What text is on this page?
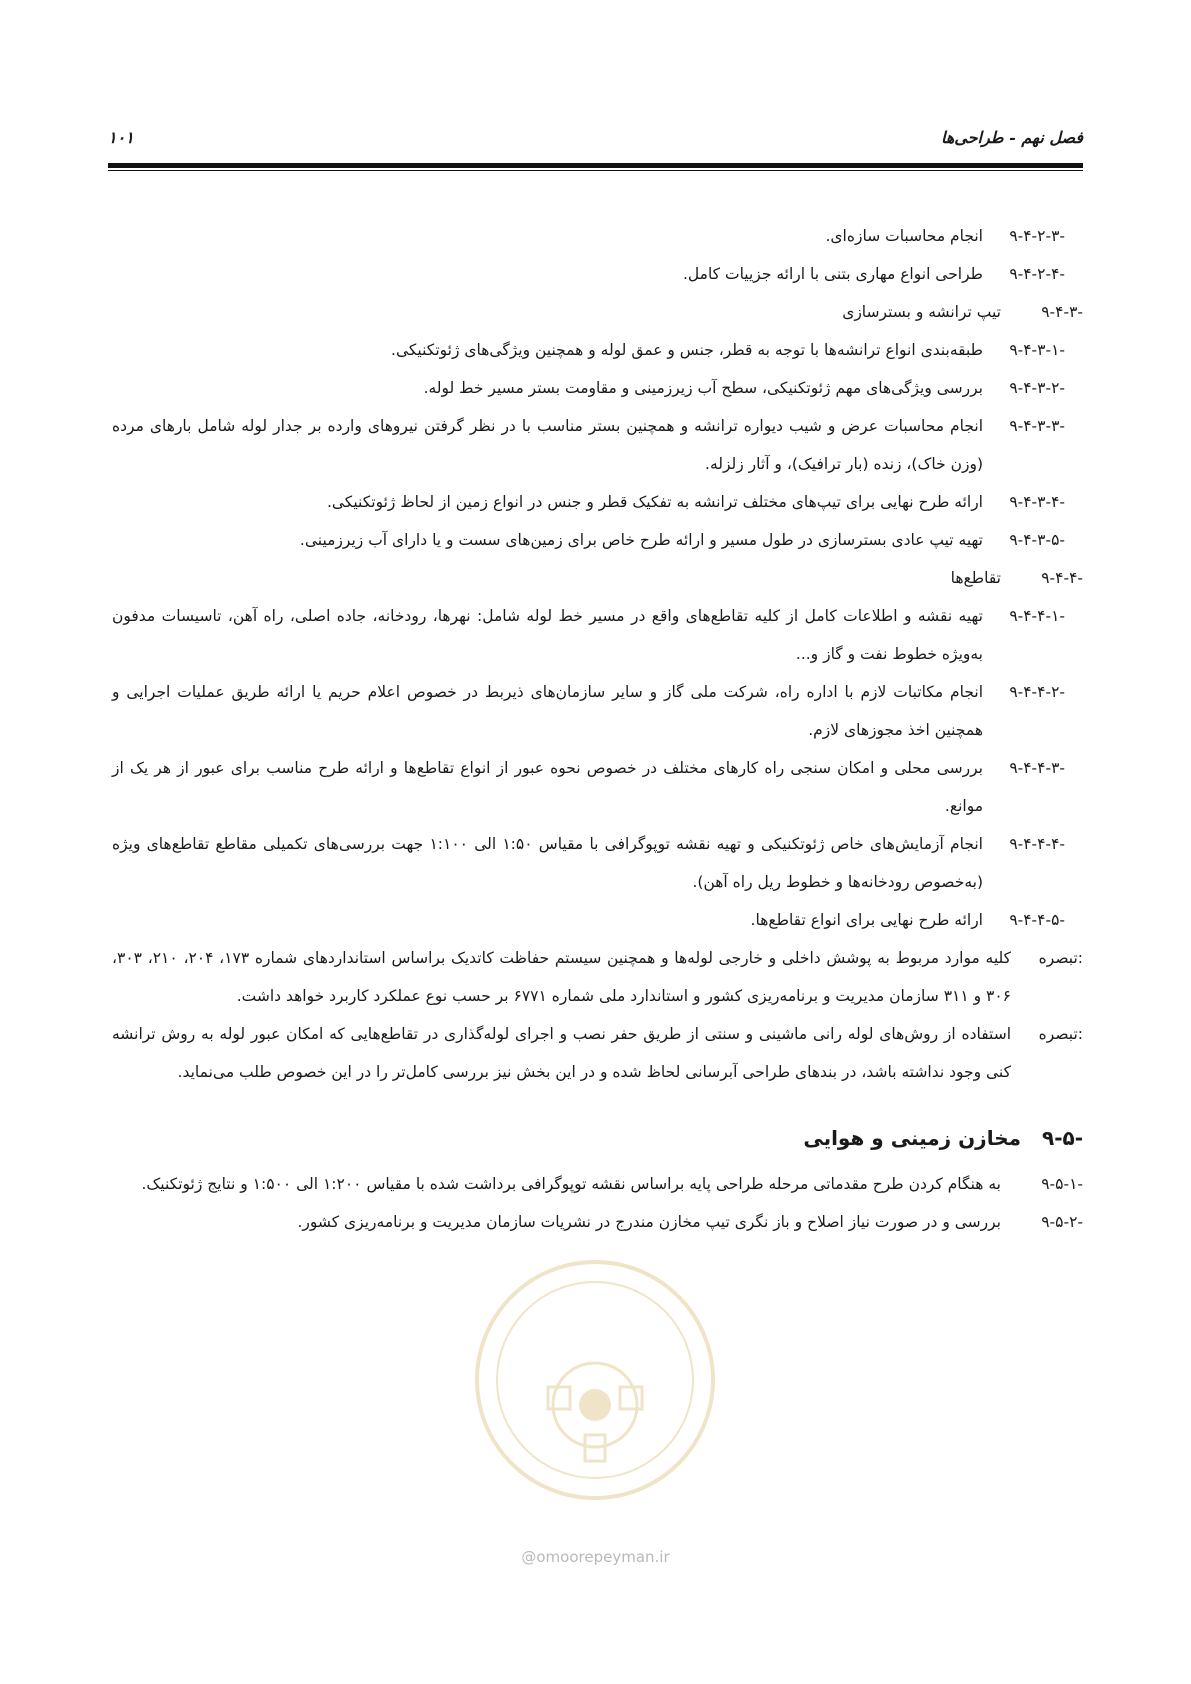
فصل نهم - طراحی‌ها
۱۰۱
۹-۴-۲-۳-
انجام محاسبات سازه‌ای.
۹-۴-۲-۴-
طراحی انواع مهاری بتنی با ارائه جزییات کامل.
۹-۴-۳-
تیپ ترانشه و بسترسازی
۹-۴-۳-۱-
طبقه‌بندی انواع ترانشه‌ها با توجه به قطر، جنس و عمق لوله و همچنین ویژگی‌های ژئوتکنیکی.
۹-۴-۳-۲-
بررسی ویژگی‌های مهم ژئوتکنیکی، سطح آب زیرزمینی و مقاومت بستر مسیر خط لوله.
۹-۴-۳-۳-
انجام محاسبات عرض و شیب دیواره ترانشه و همچنین بستر مناسب با در نظر گرفتن نیروهای وارده بر جدار لوله شامل بارهای مرده (وزن خاک)، زنده (بار ترافیک)، و آثار زلزله.
۹-۴-۳-۴-
ارائه طرح نهایی برای تیپ‌های مختلف ترانشه به تفکیک قطر و جنس در انواع زمین از لحاظ ژئوتکنیکی.
۹-۴-۳-۵-
تهیه تیپ عادی بسترسازی در طول مسیر و ارائه طرح خاص برای زمین‌های سست و یا دارای آب زیرزمینی.
۹-۴-۴-
تقاطع‌ها
۹-۴-۴-۱-
تهیه نقشه و اطلاعات کامل از کلیه تقاطع‌های واقع در مسیر خط لوله شامل: نهرها، رودخانه، جاده اصلی، راه آهن، تاسیسات مدفون به‌ویژه خطوط نفت و گاز و...
۹-۴-۴-۲-
انجام مکاتبات لازم با اداره راه، شرکت ملی گاز و سایر سازمان‌های ذیربط در خصوص اعلام حریم یا ارائه طریق عملیات اجرایی و همچنین اخذ مجوزهای لازم.
۹-۴-۴-۳-
بررسی محلی و امکان سنجی راه کارهای مختلف در خصوص نحوه عبور از انواع تقاطع‌ها و ارائه طرح مناسب برای عبور از هر یک از موانع.
۹-۴-۴-۴-
انجام آزمایش‌های خاص ژئوتکنیکی و تهیه نقشه توپوگرافی با مقیاس ۱:۵۰ الی ۱:۱۰۰ جهت بررسی‌های تکمیلی مقاطع تقاطع‌های ویژه (به‌خصوص رودخانه‌ها و خطوط ریل راه آهن).
۹-۴-۴-۵-
ارائه طرح نهایی برای انواع تقاطع‌ها.
تبصره:
کلیه موارد مربوط به پوشش داخلی و خارجی لوله‌ها و همچنین سیستم حفاظت کاتدیک براساس استانداردهای شماره ۱۷۳، ۲۰۴، ۲۱۰، ۳۰۳، ۳۰۶ و ۳۱۱ سازمان مدیریت و برنامه‌ریزی کشور و استاندارد ملی شماره ۶۷۷۱ بر حسب نوع عملکرد کاربرد خواهد داشت.
تبصره:
استفاده از روش‌های لوله رانی ماشینی و سنتی از طریق حفر نصب و اجرای لوله‌گذاری در تقاطع‌هایی که امکان عبور لوله به روش ترانشه کنی وجود نداشته باشد، در بندهای طراحی آبرسانی لحاظ شده و در این بخش نیز بررسی کامل‌تر را در این خصوص طلب می‌نماید.
۹-۵- مخازن زمینی و هوایی
۹-۵-۱-
به هنگام کردن طرح مقدماتی مرحله طراحی پایه براساس نقشه توپوگرافی برداشت شده با مقیاس ۱:۲۰۰ الی ۱:۵۰۰ و نتایج ژئوتکنیک.
۹-۵-۲-
بررسی و در صورت نیاز اصلاح و باز نگری تیپ مخازن مندرج در نشریات سازمان مدیریت و برنامه‌ریزی کشور.
@omoorepeyman.ir
